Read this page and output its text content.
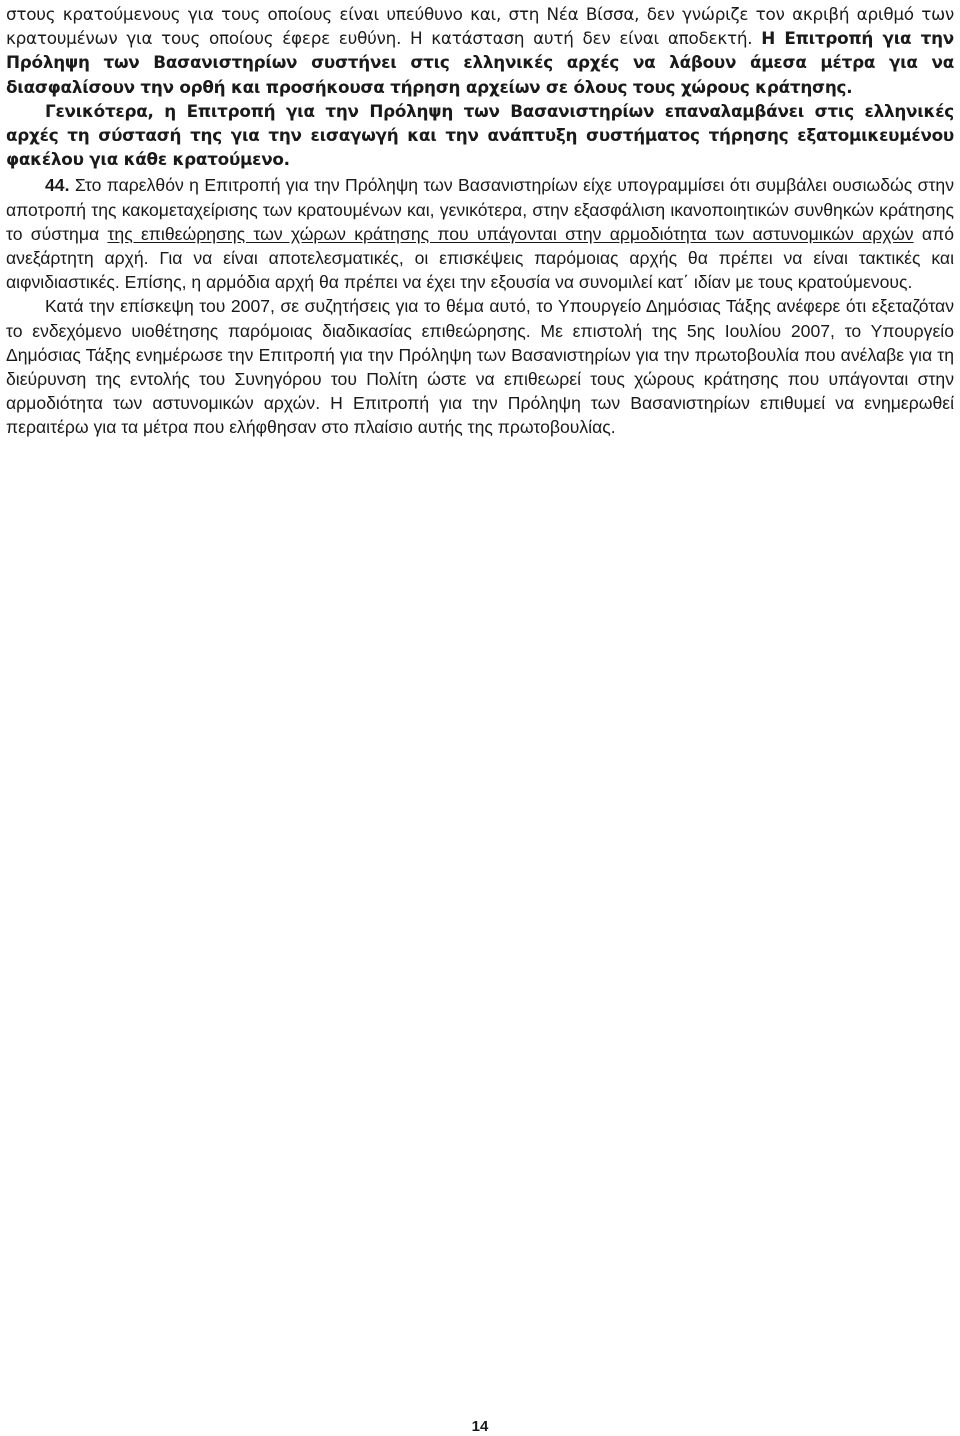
στους κρατούμενους για τους οποίους είναι υπεύθυνο και, στη Νέα Βίσσα, δεν γνώριζε τον ακριβή αριθμό των κρατουμένων για τους οποίους έφερε ευθύνη. Η κατάσταση αυτή δεν είναι αποδεκτή. Η Επιτροπή για την Πρόληψη των Βασανιστηρίων συστήνει στις ελληνικές αρχές να λάβουν άμεσα μέτρα για να διασφαλίσουν την ορθή και προσήκουσα τήρηση αρχείων σε όλους τους χώρους κράτησης.

Γενικότερα, η Επιτροπή για την Πρόληψη των Βασανιστηρίων επαναλαμβάνει στις ελληνικές αρχές τη σύστασή της για την εισαγωγή και την ανάπτυξη συστήματος τήρησης εξατομικευμένου φακέλου για κάθε κρατούμενο.

44. Στο παρελθόν η Επιτροπή για την Πρόληψη των Βασανιστηρίων είχε υπογραμμίσει ότι συμβάλει ουσιωδώς στην αποτροπή της κακομεταχείρισης των κρατουμένων και, γενικότερα, στην εξασφάλιση ικανοποιητικών συνθηκών κράτησης το σύστημα της επιθεώρησης των χώρων κράτησης που υπάγονται στην αρμοδιότητα των αστυνομικών αρχών από ανεξάρτητη αρχή. Για να είναι αποτελεσματικές, οι επισκέψεις παρόμοιας αρχής θα πρέπει να είναι τακτικές και αιφνιδιαστικές. Επίσης, η αρμόδια αρχή θα πρέπει να έχει την εξουσία να συνομιλεί κατ΄ ιδίαν με τους κρατούμενους.

Κατά την επίσκεψη του 2007, σε συζητήσεις για το θέμα αυτό, το Υπουργείο Δημόσιας Τάξης ανέφερε ότι εξεταζόταν το ενδεχόμενο υιοθέτησης παρόμοιας διαδικασίας επιθεώρησης. Με επιστολή της 5ης Ιουλίου 2007, το Υπουργείο Δημόσιας Τάξης ενημέρωσε την Επιτροπή για την Πρόληψη των Βασανιστηρίων για την πρωτοβουλία που ανέλαβε για τη διεύρυνση της εντολής του Συνηγόρου του Πολίτη ώστε να επιθεωρεί τους χώρους κράτησης που υπάγονται στην αρμοδιότητα των αστυνομικών αρχών. Η Επιτροπή για την Πρόληψη των Βασανιστηρίων επιθυμεί να ενημερωθεί περαιτέρω για τα μέτρα που ελήφθησαν στο πλαίσιο αυτής της πρωτοβουλίας.

14
